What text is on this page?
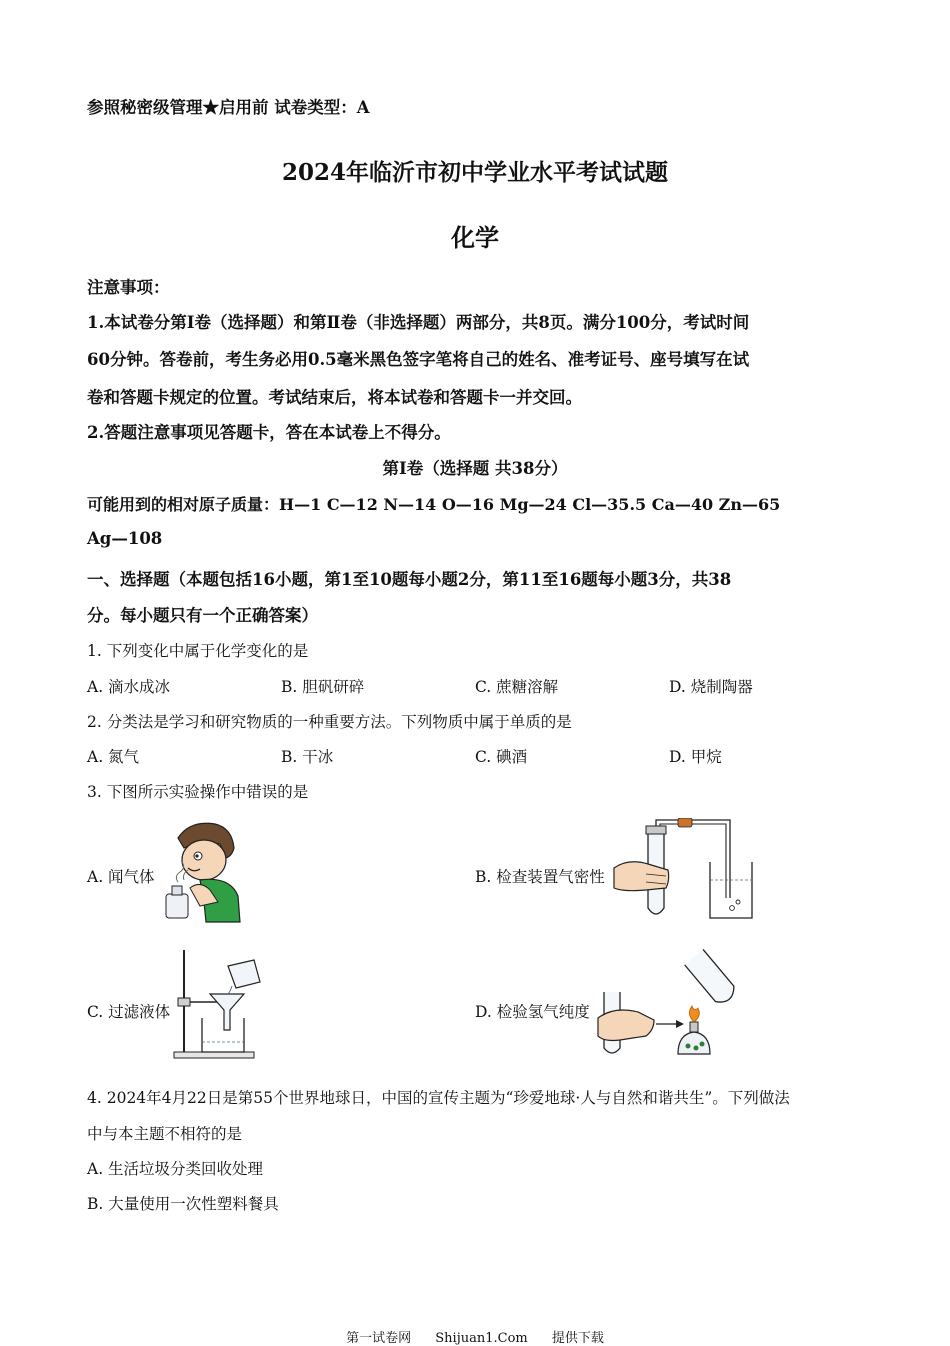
参照秘密级管理★启用前 试卷类型：A
2024年临沂市初中学业水平考试试题
化学
注意事项：
1.本试卷分第Ⅰ卷（选择题）和第Ⅱ卷（非选择题）两部分，共8页。满分100分，考试时间
60分钟。答卷前，考生务必用0.5毫米黑色签字笔将自己的姓名、准考证号、座号填写在试
卷和答题卡规定的位置。考试结束后，将本试卷和答题卡一并交回。
2.答题注意事项见答题卡，答在本试卷上不得分。
第Ⅰ卷（选择题 共38分）
可能用到的相对原子质量：H—1 C—12 N—14 O—16 Mg—24 Cl—35.5 Ca—40 Zn—65
Ag—108
一、选择题（本题包括16小题，第1至10题每小题2分，第11至16题每小题3分，共38
分。每小题只有一个正确答案）
1. 下列变化中属于化学变化的是
A. 滴水成冰	B. 胆矾研碎	C. 蔗糖溶解	D. 烧制陶器
2. 分类法是学习和研究物质的一种重要方法。下列物质中属于单质的是
A. 氮气	B. 干冰	C. 碘酒	D. 甲烷
3. 下图所示实验操作中错误的是
A. 闻气体	B. 检查装置气密性
C. 过滤液体	D. 检验氢气纯度
4. 2024年4月22日是第55个世界地球日，中国的宣传主题为“珍爱地球·人与自然和谐共生”。下列做法
中与本主题不相符的是
A. 生活垃圾分类回收处理
B. 大量使用一次性塑料餐具
第一试卷网 Shijuan1.Com 提供下载
